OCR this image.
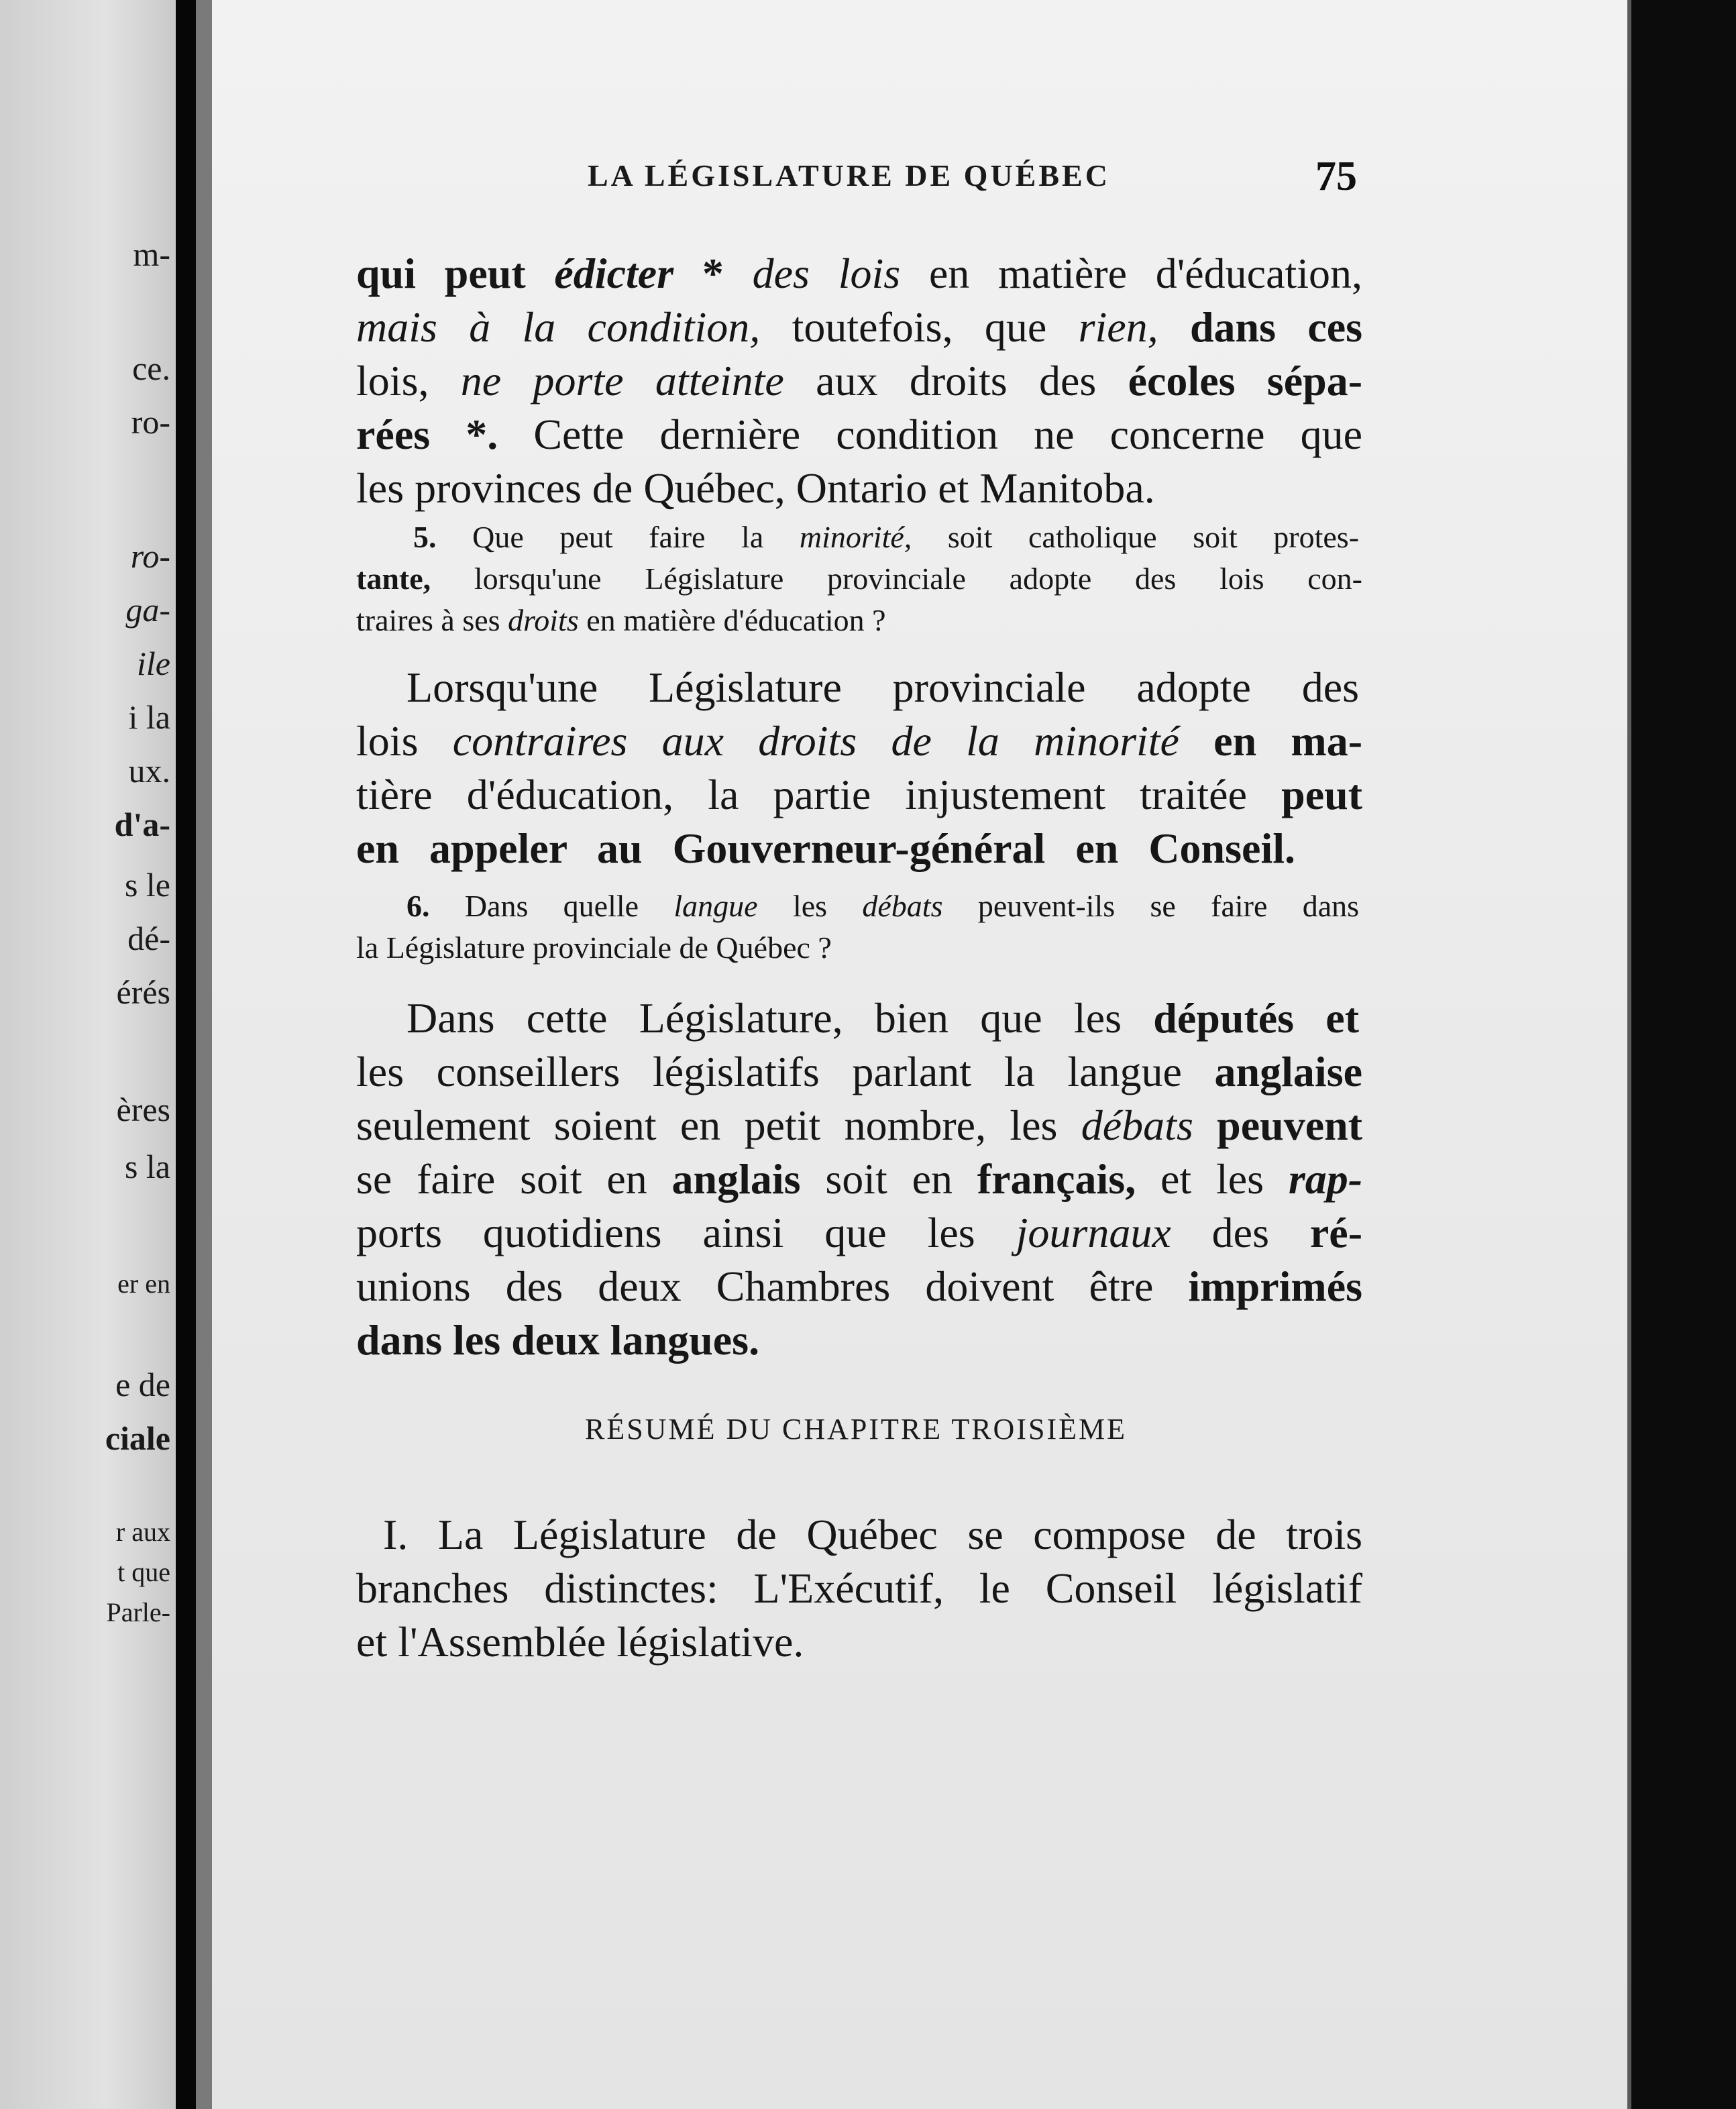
m-

ce.

ro-

ro-

ga-

ile

i la

ux.

d'a-

s le

dé-

érés

ères

s la

er en

e de

ciale

r aux

t que

Parle-

LA LÉGISLATURE DE QUÉBEC	75

qui peut édicter * des lois en matière d'éducation,

mais à la condition, toutefois, que rien, dans ces

lois, ne porte atteinte aux droits des écoles sépa-

rées *. Cette dernière condition ne concerne que

les provinces de Québec, Ontario et Manitoba.

5. Que peut faire la minorité, soit catholique soit protes-

tante, lorsqu'une Législature provinciale adopte des lois con-

traires à ses droits en matière d'éducation ?

Lorsqu'une Législature provinciale adopte des

lois contraires aux droits de la minorité en ma-

tière d'éducation, la partie injustement traitée peut

en appeler au Gouverneur-général en Conseil.

6. Dans quelle langue les débats peuvent-ils se faire dans

la Législature provinciale de Québec ?

Dans cette Législature, bien que les députés et

les conseillers législatifs parlant la langue anglaise

seulement soient en petit nombre, les débats peuvent

se faire soit en anglais soit en français, et les rap-

ports quotidiens ainsi que les journaux des ré-

unions des deux Chambres doivent être imprimés

dans les deux langues.

RÉSUMÉ DU CHAPITRE TROISIÈME

I. La Législature de Québec se compose de trois

branches distinctes: L'Exécutif, le Conseil législatif

et l'Assemblée législative.
